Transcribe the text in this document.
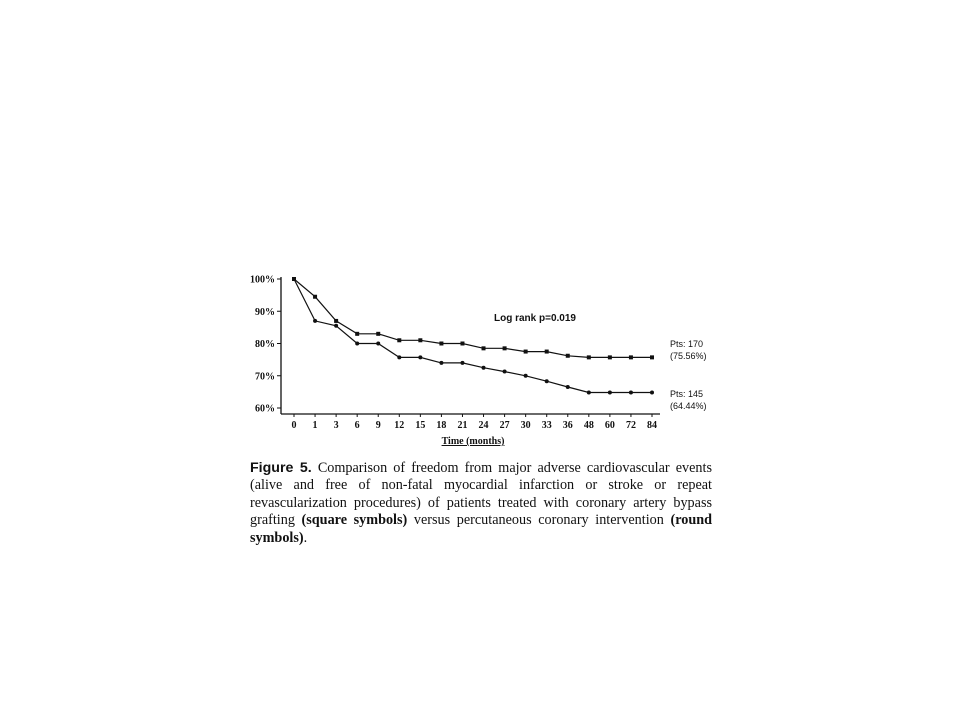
100%
90%
80%
70%
60%
0 1 3 6 9 12 15 18 21 24 27 30 33 36 48 60 72 84
Time (months)
Pts: 170
(75.56%)
Pts: 145
(64.44%)
Log rank p=0.019
Figure 5. Comparison of freedom from major adverse cardiovascular events (alive and free of non-fatal myocardial infarction or stroke or repeat revascularization procedures) of patients treated with coronary artery bypass grafting (square symbols) versus percutaneous coronary intervention (round symbols).
